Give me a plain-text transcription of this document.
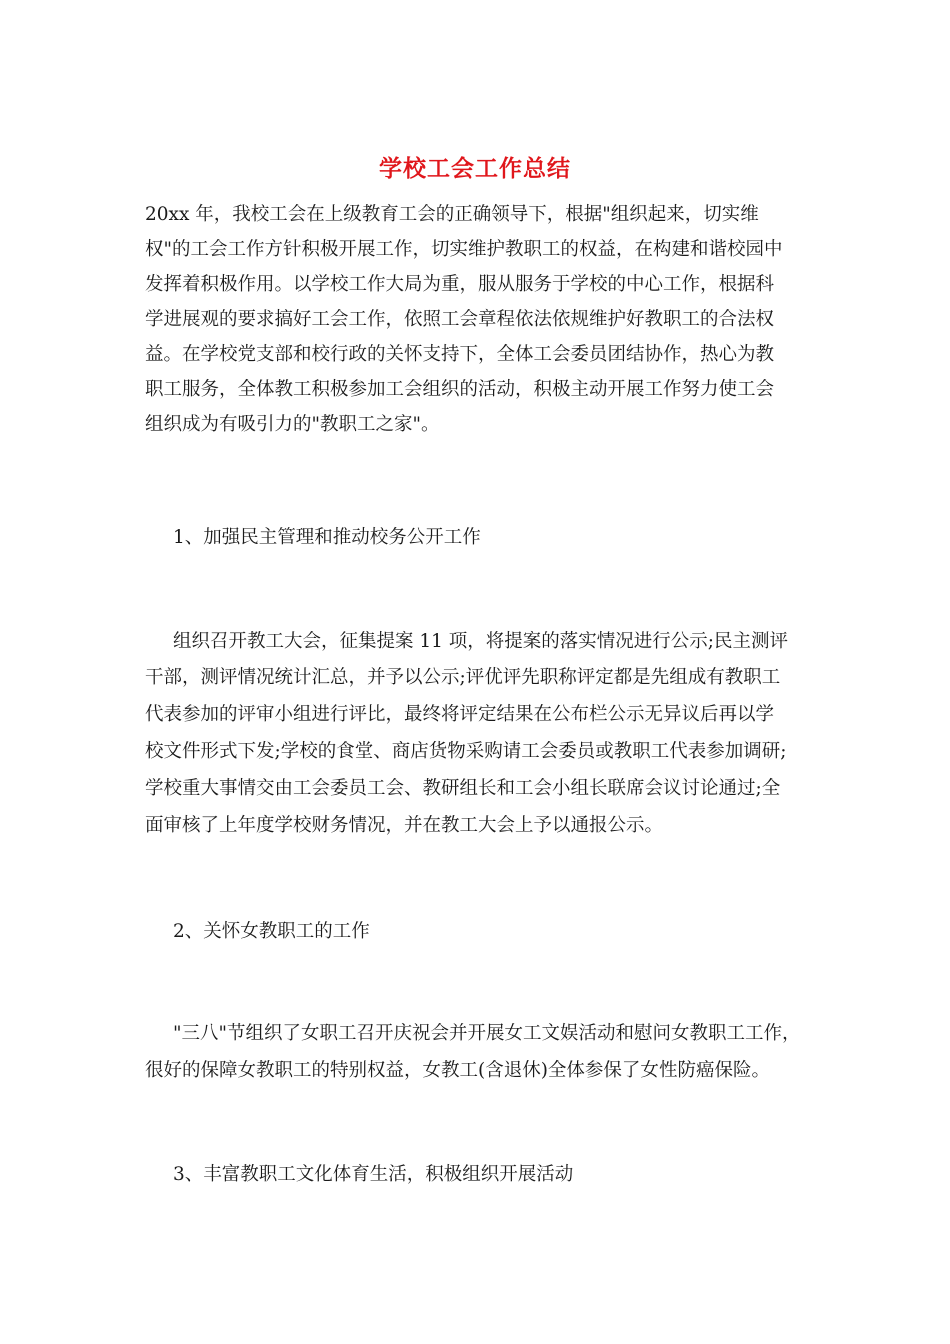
学校工会工作总结
20xx 年，我校工会在上级教育工会的正确领导下，根据"组织起来，切实维
权"的工会工作方针积极开展工作，切实维护教职工的权益，在构建和谐校园中
发挥着积极作用。以学校工作大局为重，服从服务于学校的中心工作，根据科
学进展观的要求搞好工会工作，依照工会章程依法依规维护好教职工的合法权
益。在学校党支部和校行政的关怀支持下，全体工会委员团结协作，热心为教
职工服务，全体教工积极参加工会组织的活动，积极主动开展工作努力使工会
组织成为有吸引力的"教职工之家"。
1、加强民主管理和推动校务公开工作
组织召开教工大会，征集提案 11 项，将提案的落实情况进行公示;民主测评
干部，测评情况统计汇总，并予以公示;评优评先职称评定都是先组成有教职工
代表参加的评审小组进行评比，最终将评定结果在公布栏公示无异议后再以学
校文件形式下发;学校的食堂、商店货物采购请工会委员或教职工代表参加调研;
学校重大事情交由工会委员工会、教研组长和工会小组长联席会议讨论通过;全
面审核了上年度学校财务情况，并在教工大会上予以通报公示。
2、关怀女教职工的工作
"三八"节组织了女职工召开庆祝会并开展女工文娱活动和慰问女教职工工作，
很好的保障女教职工的特别权益，女教工(含退休)全体参保了女性防癌保险。
3、丰富教职工文化体育生活，积极组织开展活动
